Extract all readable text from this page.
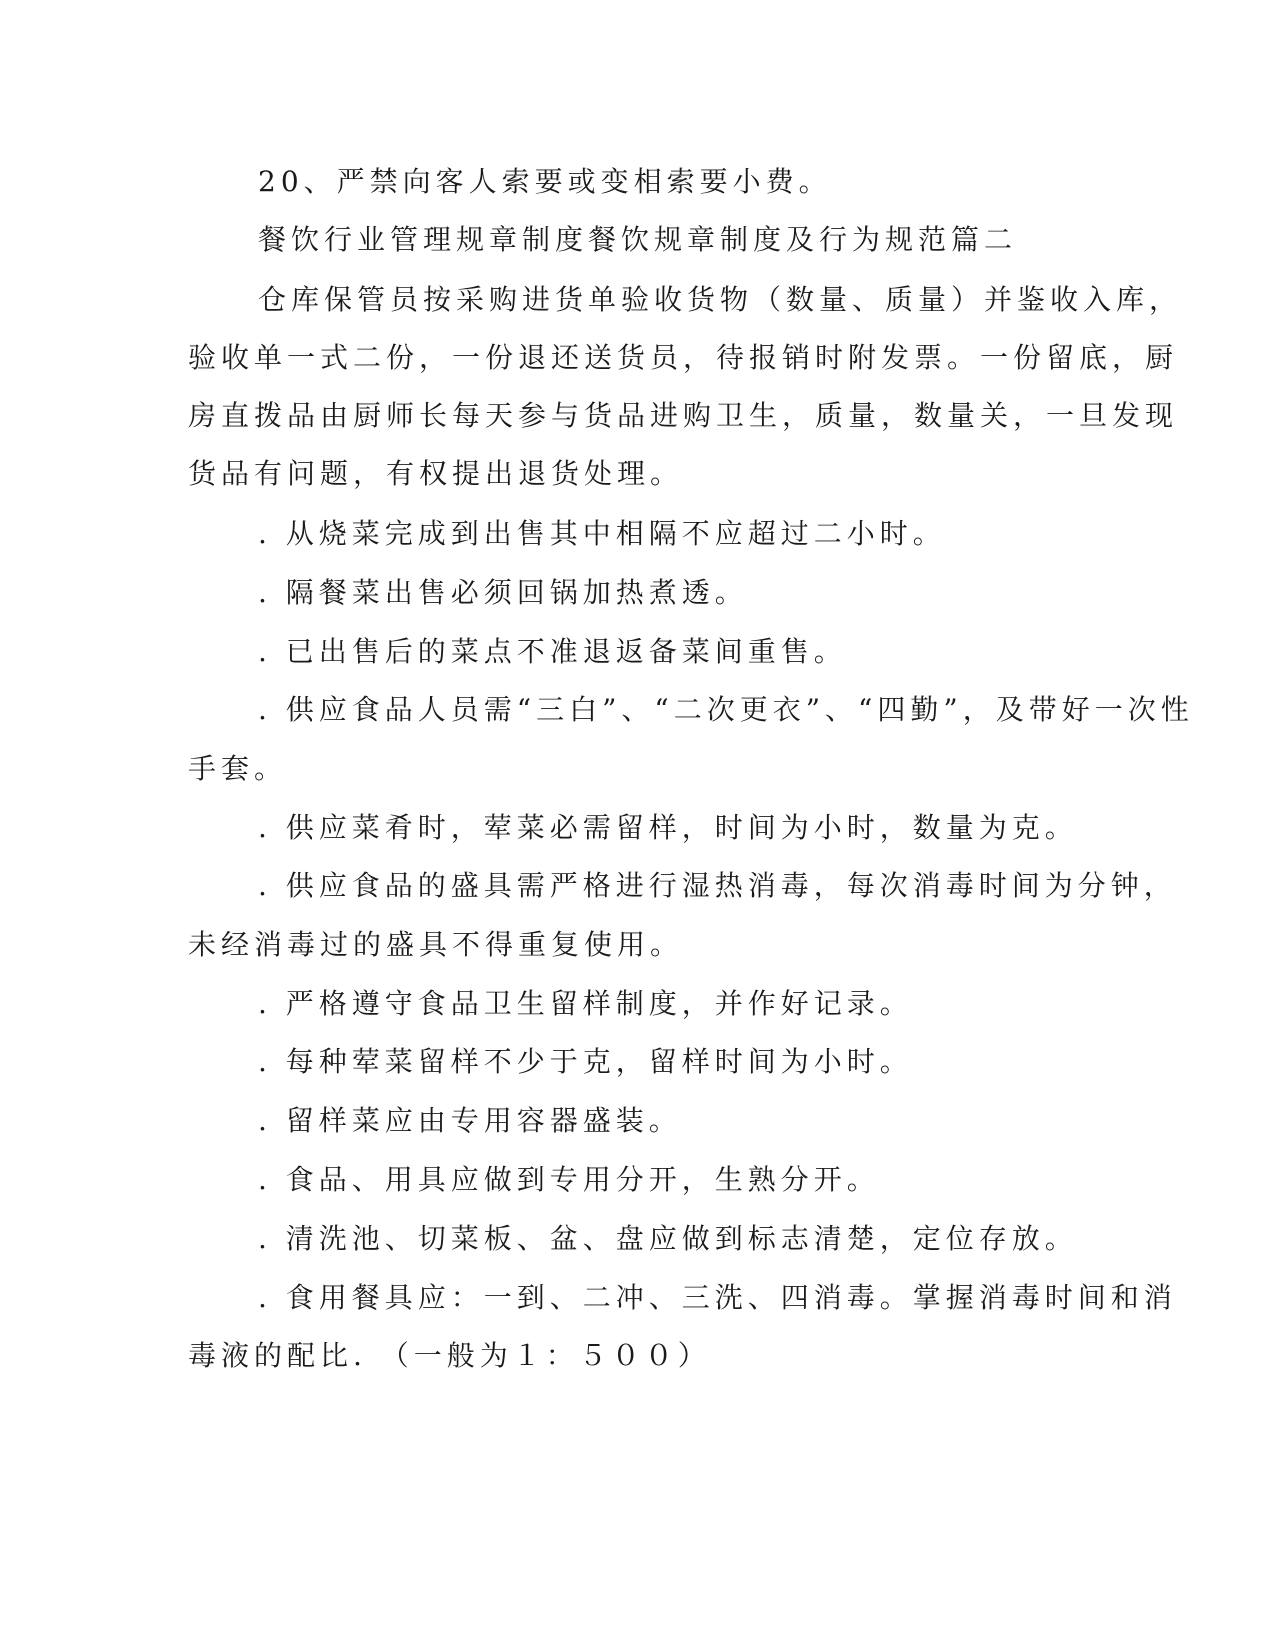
20、严禁向客人索要或变相索要小费。
餐饮行业管理规章制度餐饮规章制度及行为规范篇二
仓库保管员按采购进货单验收货物（数量、质量）并鉴收入库，
验收单一式二份，一份退还送货员，待报销时附发票。一份留底，厨
房直拨品由厨师长每天参与货品进购卫生，质量，数量关，一旦发现
货品有问题，有权提出退货处理。
. 从烧菜完成到出售其中相隔不应超过二小时。
. 隔餐菜出售必须回锅加热煮透。
. 已出售后的菜点不准退返备菜间重售。
. 供应食品人员需“三白”、“二次更衣”、“四勤”，及带好一次性
手套。
. 供应菜肴时，荤菜必需留样，时间为小时，数量为克。
. 供应食品的盛具需严格进行湿热消毒，每次消毒时间为分钟，
未经消毒过的盛具不得重复使用。
. 严格遵守食品卫生留样制度，并作好记录。
. 每种荤菜留样不少于克，留样时间为小时。
. 留样菜应由专用容器盛装。
. 食品、用具应做到专用分开，生熟分开。
. 清洗池、切菜板、盆、盘应做到标志清楚，定位存放。
. 食用餐具应：一到、二冲、三洗、四消毒。掌握消毒时间和消
毒液的配比. （一般为１：５００）
